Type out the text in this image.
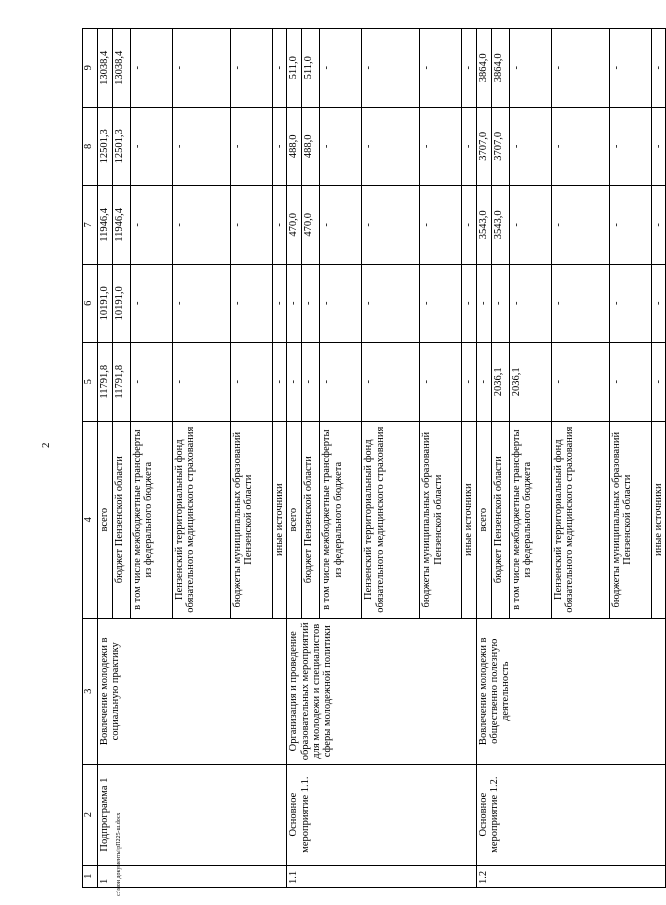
2
1	2	3	4	5	6	7	8	9
1	Подпрограмма 1	Вовлечение молодежи в социальную практику	всего	11791,8	10191,0	11946,4	12501,3	13038,4
			бюджет Пензенской области	11791,8	10191,0	11946,4	12501,3	13038,4
			в том числе межбюджетные трансферты из федерального бюджета	-	-	-	-	-
			Пензенский территориальный фонд обязательного медицинского страхования	-	-	-	-	-
			бюджеты муниципальных образований Пензенской области	-	-	-	-	-
			иные источники	-	-	-	-	-
1.1	Основное мероприятие 1.1.	Организация и проведение образовательных мероприятий для молодежи и специалистов сферы молодежной политики	всего	-	-	470,0	488,0	511,0
			бюджет Пензенской области	-	-	470,0	488,0	511,0
			в том числе межбюджетные трансферты из федерального бюджета	-	-	-	-	-
			Пензенский территориальный фонд обязательного медицинского страхования	-	-	-	-	-
			бюджеты муниципальных образований Пензенской области	-	-	-	-	-
			иные источники	-	-	-	-	-
1.2	Основное мероприятие 1.2.	Вовлечение молодежи в общественно полезную деятельность	всего	-	-	3543,0	3707,0	3864,0
			бюджет Пензенской области	2036,1	-	3543,0	3707,0	3864,0
			в том числе межбюджетные трансферты из федерального бюджета	2036,1	-	-	-	-
			Пензенский территориальный фонд обязательного медицинского страхования	-	-	-	-	-
			бюджеты муниципальных образований Пензенской области	-	-	-	-	-
			иные источники	-	-	-	-	-
c:\мои документы\рП225-ш.docx
